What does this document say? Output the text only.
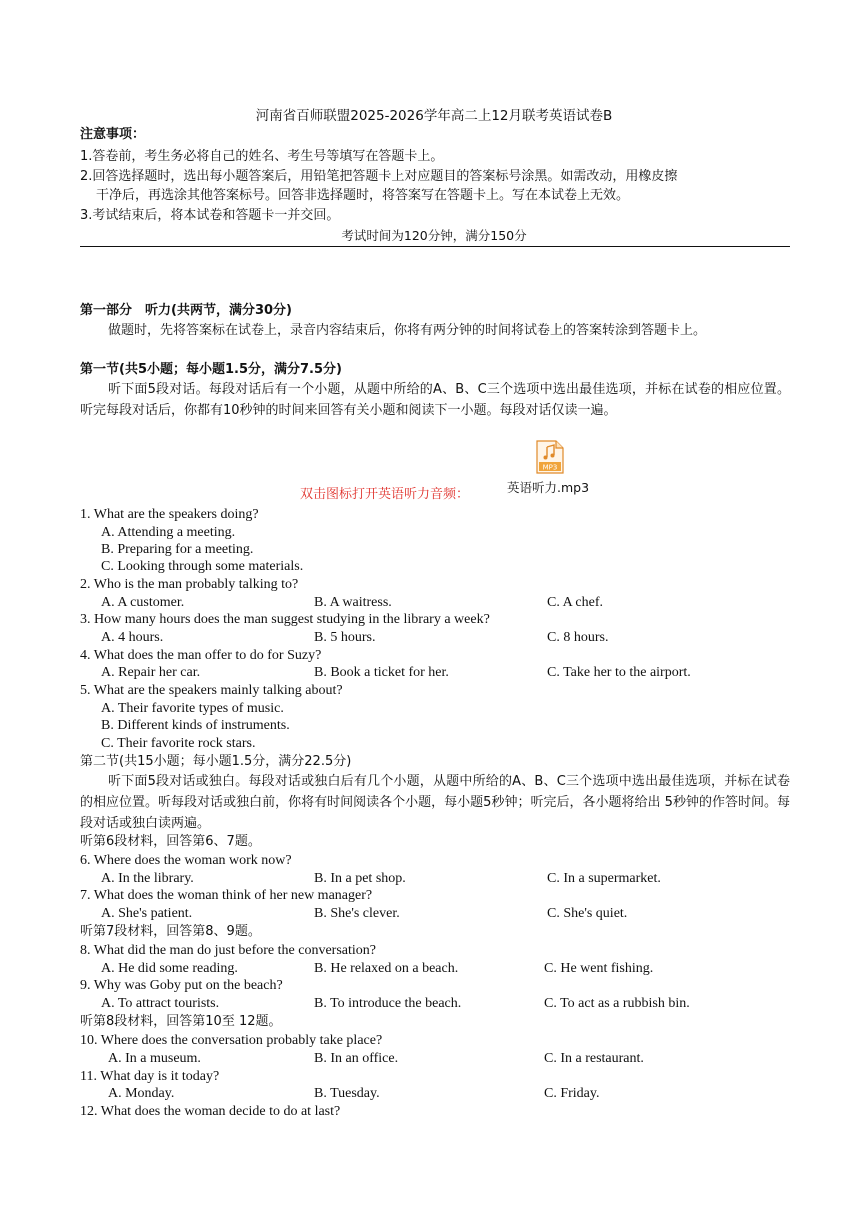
河南省百师联盟2025-2026学年高二上12月联考英语试卷B
注意事项：
1.答卷前，考生务必将自己的姓名、考生号等填写在答题卡上。
2.回答选择题时，选出每小题答案后，用铅笔把答题卡上对应题目的答案标号涂黑。如需改动，用橡皮擦
干净后，再选涂其他答案标号。回答非选择题时，将答案写在答题卡上。写在本试卷上无效。
3.考试结束后，将本试卷和答题卡一并交回。
考试时间为120分钟，满分150分
第一部分　听力(共两节，满分30分)
做题时，先将答案标在试卷上，录音内容结束后，你将有两分钟的时间将试卷上的答案转涂到答题卡上。
第一节(共5小题；每小题1.5分，满分7.5分)
听下面5段对话。每段对话后有一个小题，从题中所给的A、B、C三个选项中选出最佳选项，并标在试卷的相应位置。听完每段对话后，你都有10秒钟的时间来回答有关小题和阅读下一小题。每段对话仅读一遍。
MP3
英语听力.mp3
双击图标打开英语听力音频：
1. What are the speakers doing?
A. Attending a meeting.
B. Preparing for a meeting.
C. Looking through some materials.
2. Who is the man probably talking to?
A. A customer.	B. A waitress.	C. A chef.
3. How many hours does the man suggest studying in the library a week?
A. 4 hours.	B. 5 hours.	C. 8 hours.
4. What does the man offer to do for Suzy?
A. Repair her car.	B. Book a ticket for her.	C. Take her to the airport.
5. What are the speakers mainly talking about?
A. Their favorite types of music.
B. Different kinds of instruments.
C. Their favorite rock stars.
第二节(共15小题；每小题1.5分，满分22.5分)
听下面5段对话或独白。每段对话或独白后有几个小题，从题中所给的A、B、C三个选项中选出最佳选项，并标在试卷的相应位置。听每段对话或独白前，你将有时间阅读各个小题，每小题5秒钟；听完后，各小题将给出 5秒钟的作答时间。每段对话或独白读两遍。
听第6段材料，回答第6、7题。
6. Where does the woman work now?
A. In the library.	B. In a pet shop.	C. In a supermarket.
7. What does the woman think of her new manager?
A. She's patient.	B. She's clever.	C. She's quiet.
听第7段材料，回答第8、9题。
8. What did the man do just before the conversation?
A. He did some reading.	B. He relaxed on a beach.	C. He went fishing.
9. Why was Goby put on the beach?
A. To attract tourists.	B. To introduce the beach.	C. To act as a rubbish bin.
听第8段材料，回答第10至 12题。
10. Where does the conversation probably take place?
A. In a museum.	B. In an office.	C. In a restaurant.
11. What day is it today?
A. Monday.	B. Tuesday.	C. Friday.
12. What does the woman decide to do at last?
